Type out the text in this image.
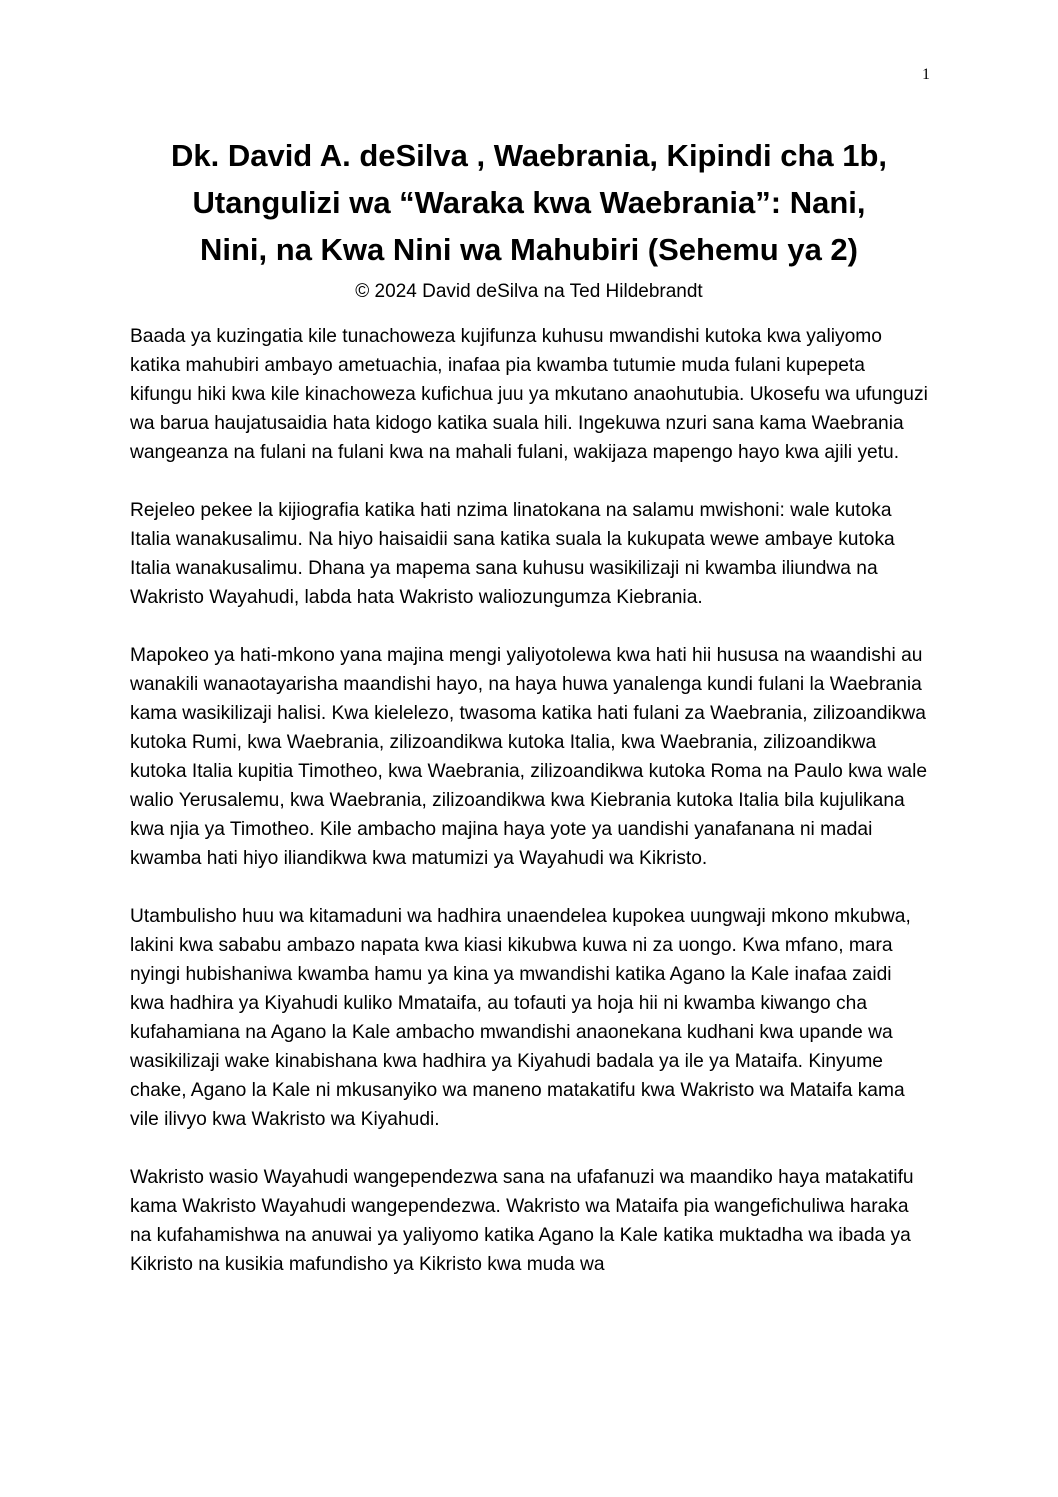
1
Dk. David A. deSilva , Waebrania, Kipindi cha 1b,
Utangulizi wa “Waraka kwa Waebrania”: Nani,
Nini, na Kwa Nini wa Mahubiri (Sehemu ya 2)
© 2024 David deSilva na Ted Hildebrandt

Baada ya kuzingatia kile tunachoweza kujifunza kuhusu mwandishi kutoka kwa yaliyomo katika mahubiri ambayo ametuachia, inafaa pia kwamba tutumie muda fulani kupepeta kifungu hiki kwa kile kinachoweza kufichua juu ya mkutano anaohutubia. Ukosefu wa ufunguzi wa barua haujatusaidia hata kidogo katika suala hili. Ingekuwa nzuri sana kama Waebrania wangeanza na fulani na fulani kwa na mahali fulani, wakijaza mapengo hayo kwa ajili yetu.

Rejeleo pekee la kijiografia katika hati nzima linatokana na salamu mwishoni: wale kutoka Italia wanakusalimu. Na hiyo haisaidii sana katika suala la kukupata wewe ambaye kutoka Italia wanakusalimu. Dhana ya mapema sana kuhusu wasikilizaji ni kwamba iliundwa na Wakristo Wayahudi, labda hata Wakristo waliozungumza Kiebrania.

Mapokeo ya hati-mkono yana majina mengi yaliyotolewa kwa hati hii hususa na waandishi au wanakili wanaotayarisha maandishi hayo, na haya huwa yanalenga kundi fulani la Waebrania kama wasikilizaji halisi. Kwa kielelezo, twasoma katika hati fulani za Waebrania, zilizoandikwa kutoka Rumi, kwa Waebrania, zilizoandikwa kutoka Italia, kwa Waebrania, zilizoandikwa kutoka Italia kupitia Timotheo, kwa Waebrania, zilizoandikwa kutoka Roma na Paulo kwa wale walio Yerusalemu, kwa Waebrania, zilizoandikwa kwa Kiebrania kutoka Italia bila kujulikana kwa njia ya Timotheo. Kile ambacho majina haya yote ya uandishi yanafanana ni madai kwamba hati hiyo iliandikwa kwa matumizi ya Wayahudi wa Kikristo.

Utambulisho huu wa kitamaduni wa hadhira unaendelea kupokea uungwaji mkono mkubwa, lakini kwa sababu ambazo napata kwa kiasi kikubwa kuwa ni za uongo. Kwa mfano, mara nyingi hubishaniwa kwamba hamu ya kina ya mwandishi katika Agano la Kale inafaa zaidi kwa hadhira ya Kiyahudi kuliko Mmataifa, au tofauti ya hoja hii ni kwamba kiwango cha kufahamiana na Agano la Kale ambacho mwandishi anaonekana kudhani kwa upande wa wasikilizaji wake kinabishana kwa hadhira ya Kiyahudi badala ya ile ya Mataifa. Kinyume chake, Agano la Kale ni mkusanyiko wa maneno matakatifu kwa Wakristo wa Mataifa kama vile ilivyo kwa Wakristo wa Kiyahudi.

Wakristo wasio Wayahudi wangependezwa sana na ufafanuzi wa maandiko haya matakatifu kama Wakristo Wayahudi wangependezwa. Wakristo wa Mataifa pia wangefichuliwa haraka na kufahamishwa na anuwai ya yaliyomo katika Agano la Kale katika muktadha wa ibada ya Kikristo na kusikia mafundisho ya Kikristo kwa muda wa
